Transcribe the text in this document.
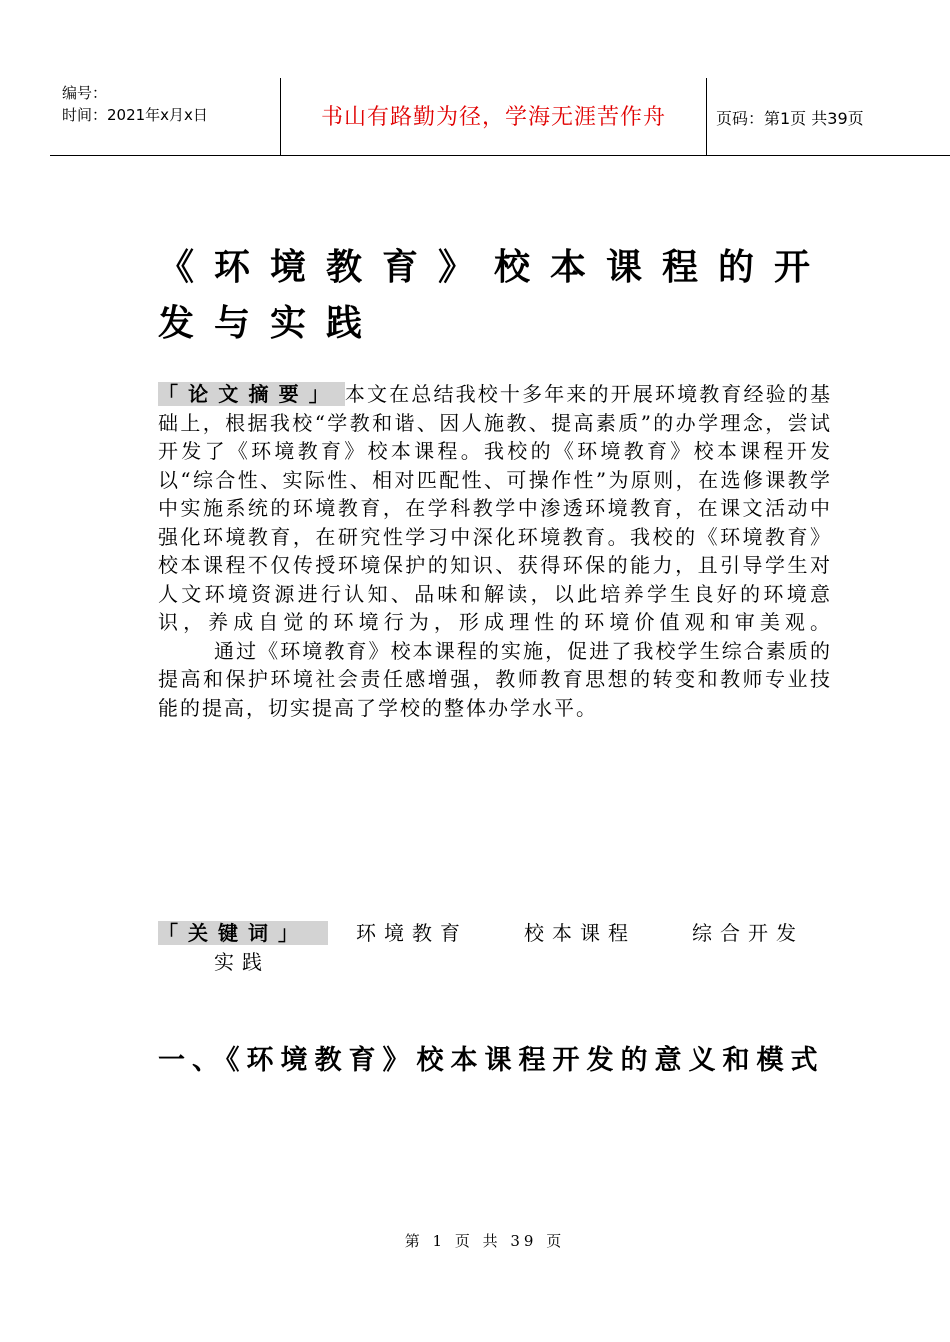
编号：
时间：2021年x月x日	书山有路勤为径，学海无涯苦作舟	页码：第1页 共39页
《环境教育》校本课程的开发与实践

「论文摘要」 本文在总结我校十多年来的开展环境教育经验的基础上，根据我校“学教和谐、因人施教、提高素质”的办学理念，尝试开发了《环境教育》校本课程。我校的《环境教育》校本课程开发以“综合性、实际性、相对匹配性、可操作性”为原则，在选修课教学中实施系统的环境教育，在学科教学中渗透环境教育，在课文活动中强化环境教育，在研究性学习中深化环境教育。我校的《环境教育》校本课程不仅传授环境保护的知识、获得环保的能力，且引导学生对人文环境资源进行认知、品味和解读，以此培养学生良好的环境意识，养成自觉的环境行为，形成理性的环境价值观和审美观。

通过《环境教育》校本课程的实施，促进了我校学生综合素质的提高和保护环境社会责任感增强，教师教育思想的转变和教师专业技能的提高，切实提高了学校的整体办学水平。

「关键词」 环境教育	校本课程	综合开发实践
一、《环境教育》校本课程开发的意义和模式
第 1 页 共 39 页
